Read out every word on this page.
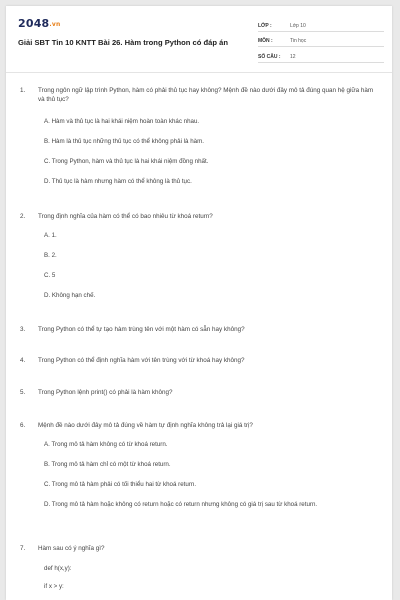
2048.vn
Giải SBT Tin 10 KNTT Bài 26. Hàm trong Python có đáp án
LỚP :	Lớp 10
MÔN :	Tin học
SỐ CÂU :	12
1.	Trong ngôn ngữ lập trình Python, hàm có phải thủ tục hay không? Mệnh đề nào dưới đây mô tả đúng quan hệ giữa hàm và thủ tục?
A. Hàm và thủ tục là hai khái niệm hoàn toàn khác nhau.
B. Hàm là thủ tục những thủ tục có thể không phải là hàm.
C. Trong Python, hàm và thủ tục là hai khái niệm đồng nhất.
D. Thủ tục là hàm nhưng hàm có thể không là thủ tục.
2.	Trong định nghĩa của hàm có thể có bao nhiêu từ khoá return?
A. 1.
B. 2.
C. 5
D. Không hạn chế.
3.	Trong Python có thể tự tạo hàm trùng tên với một hàm có sẵn hay không?
4.	Trong Python có thể định nghĩa hàm với tên trùng với từ khoá hay không?
5.	Trong Python lệnh print() có phải là hàm không?
6.	Mệnh đề nào dưới đây mô tả đúng về hàm tự định nghĩa không trả lại giá trị?
A. Trong mô tả hàm không có từ khoá return.
B. Trong mô tả hàm chỉ có một từ khoá return.
C. Trong mô tả hàm phải có tối thiểu hai từ khoá return.
D. Trong mô tả hàm hoặc không có return hoặc có return nhưng không có giá trị sau từ khoá return.
7.	Hàm sau có ý nghĩa gì?
def h(x,y):
if x > y:
